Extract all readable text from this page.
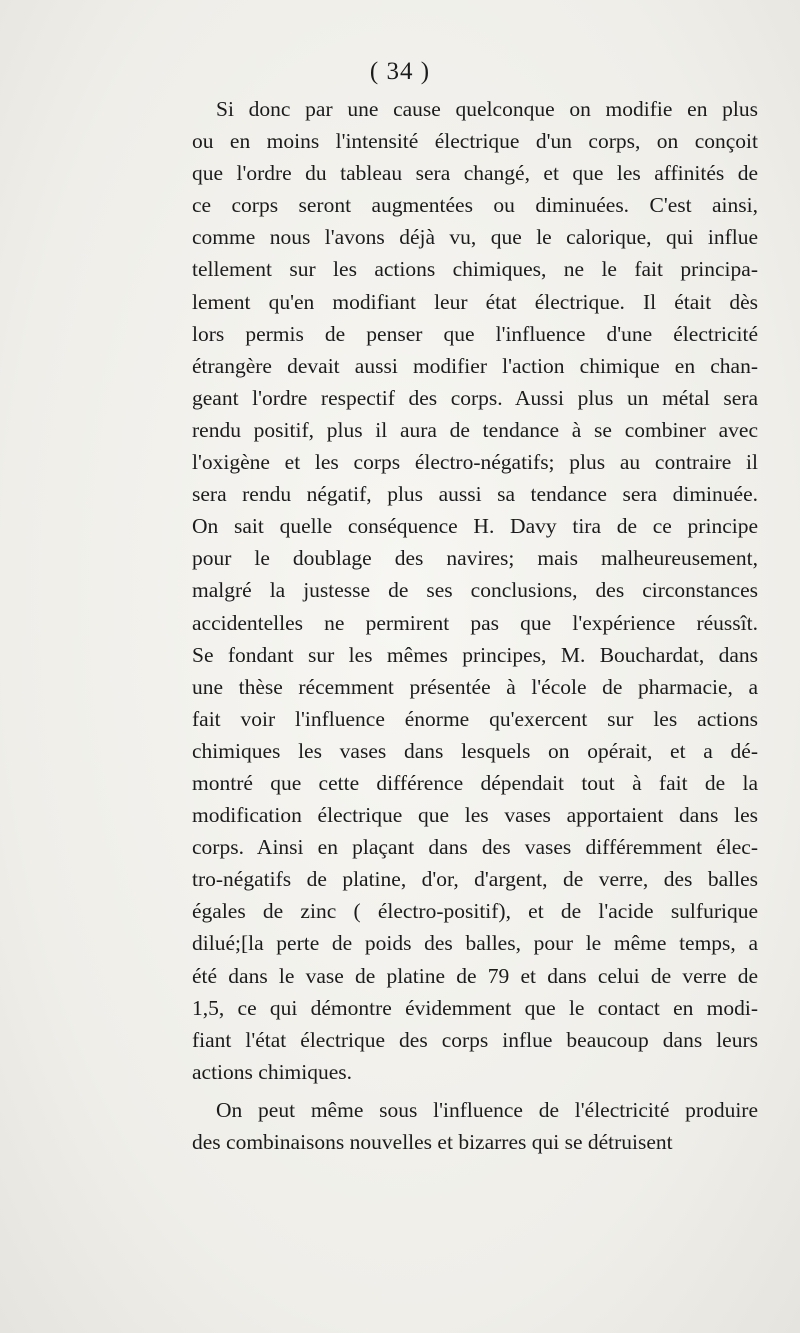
( 34 )
Si donc par une cause quelconque on modifie en plus
ou en moins l'intensité électrique d'un corps, on conçoit
que l'ordre du tableau sera changé, et que les affinités de
ce corps seront augmentées ou diminuées. C'est ainsi,
comme nous l'avons déjà vu, que le calorique, qui influe
tellement sur les actions chimiques, ne le fait principa-
lement qu'en modifiant leur état électrique. Il était dès
lors permis de penser que l'influence d'une électricité
étrangère devait aussi modifier l'action chimique en chan-
geant l'ordre respectif des corps. Aussi plus un métal sera
rendu positif, plus il aura de tendance à se combiner avec
l'oxigène et les corps électro-négatifs; plus au contraire il
sera rendu négatif, plus aussi sa tendance sera diminuée.
On sait quelle conséquence H. Davy tira de ce principe
pour le doublage des navires; mais malheureusement,
malgré la justesse de ses conclusions, des circonstances
accidentelles ne permirent pas que l'expérience réussît.
Se fondant sur les mêmes principes, M. Bouchardat, dans
une thèse récemment présentée à l'école de pharmacie, a
fait voir l'influence énorme qu'exercent sur les actions
chimiques les vases dans lesquels on opérait, et a dé-
montré que cette différence dépendait tout à fait de la
modification électrique que les vases apportaient dans les
corps. Ainsi en plaçant dans des vases différemment élec-
tro-négatifs de platine, d'or, d'argent, de verre, des balles
égales de zinc ( électro-positif), et de l'acide sulfurique
dilué;[la perte de poids des balles, pour le même temps, a
été dans le vase de platine de 79 et dans celui de verre de
1,5, ce qui démontre évidemment que le contact en modi-
fiant l'état électrique des corps influe beaucoup dans leurs
actions chimiques.
On peut même sous l'influence de l'électricité produire
des combinaisons nouvelles et bizarres qui se détruisent
